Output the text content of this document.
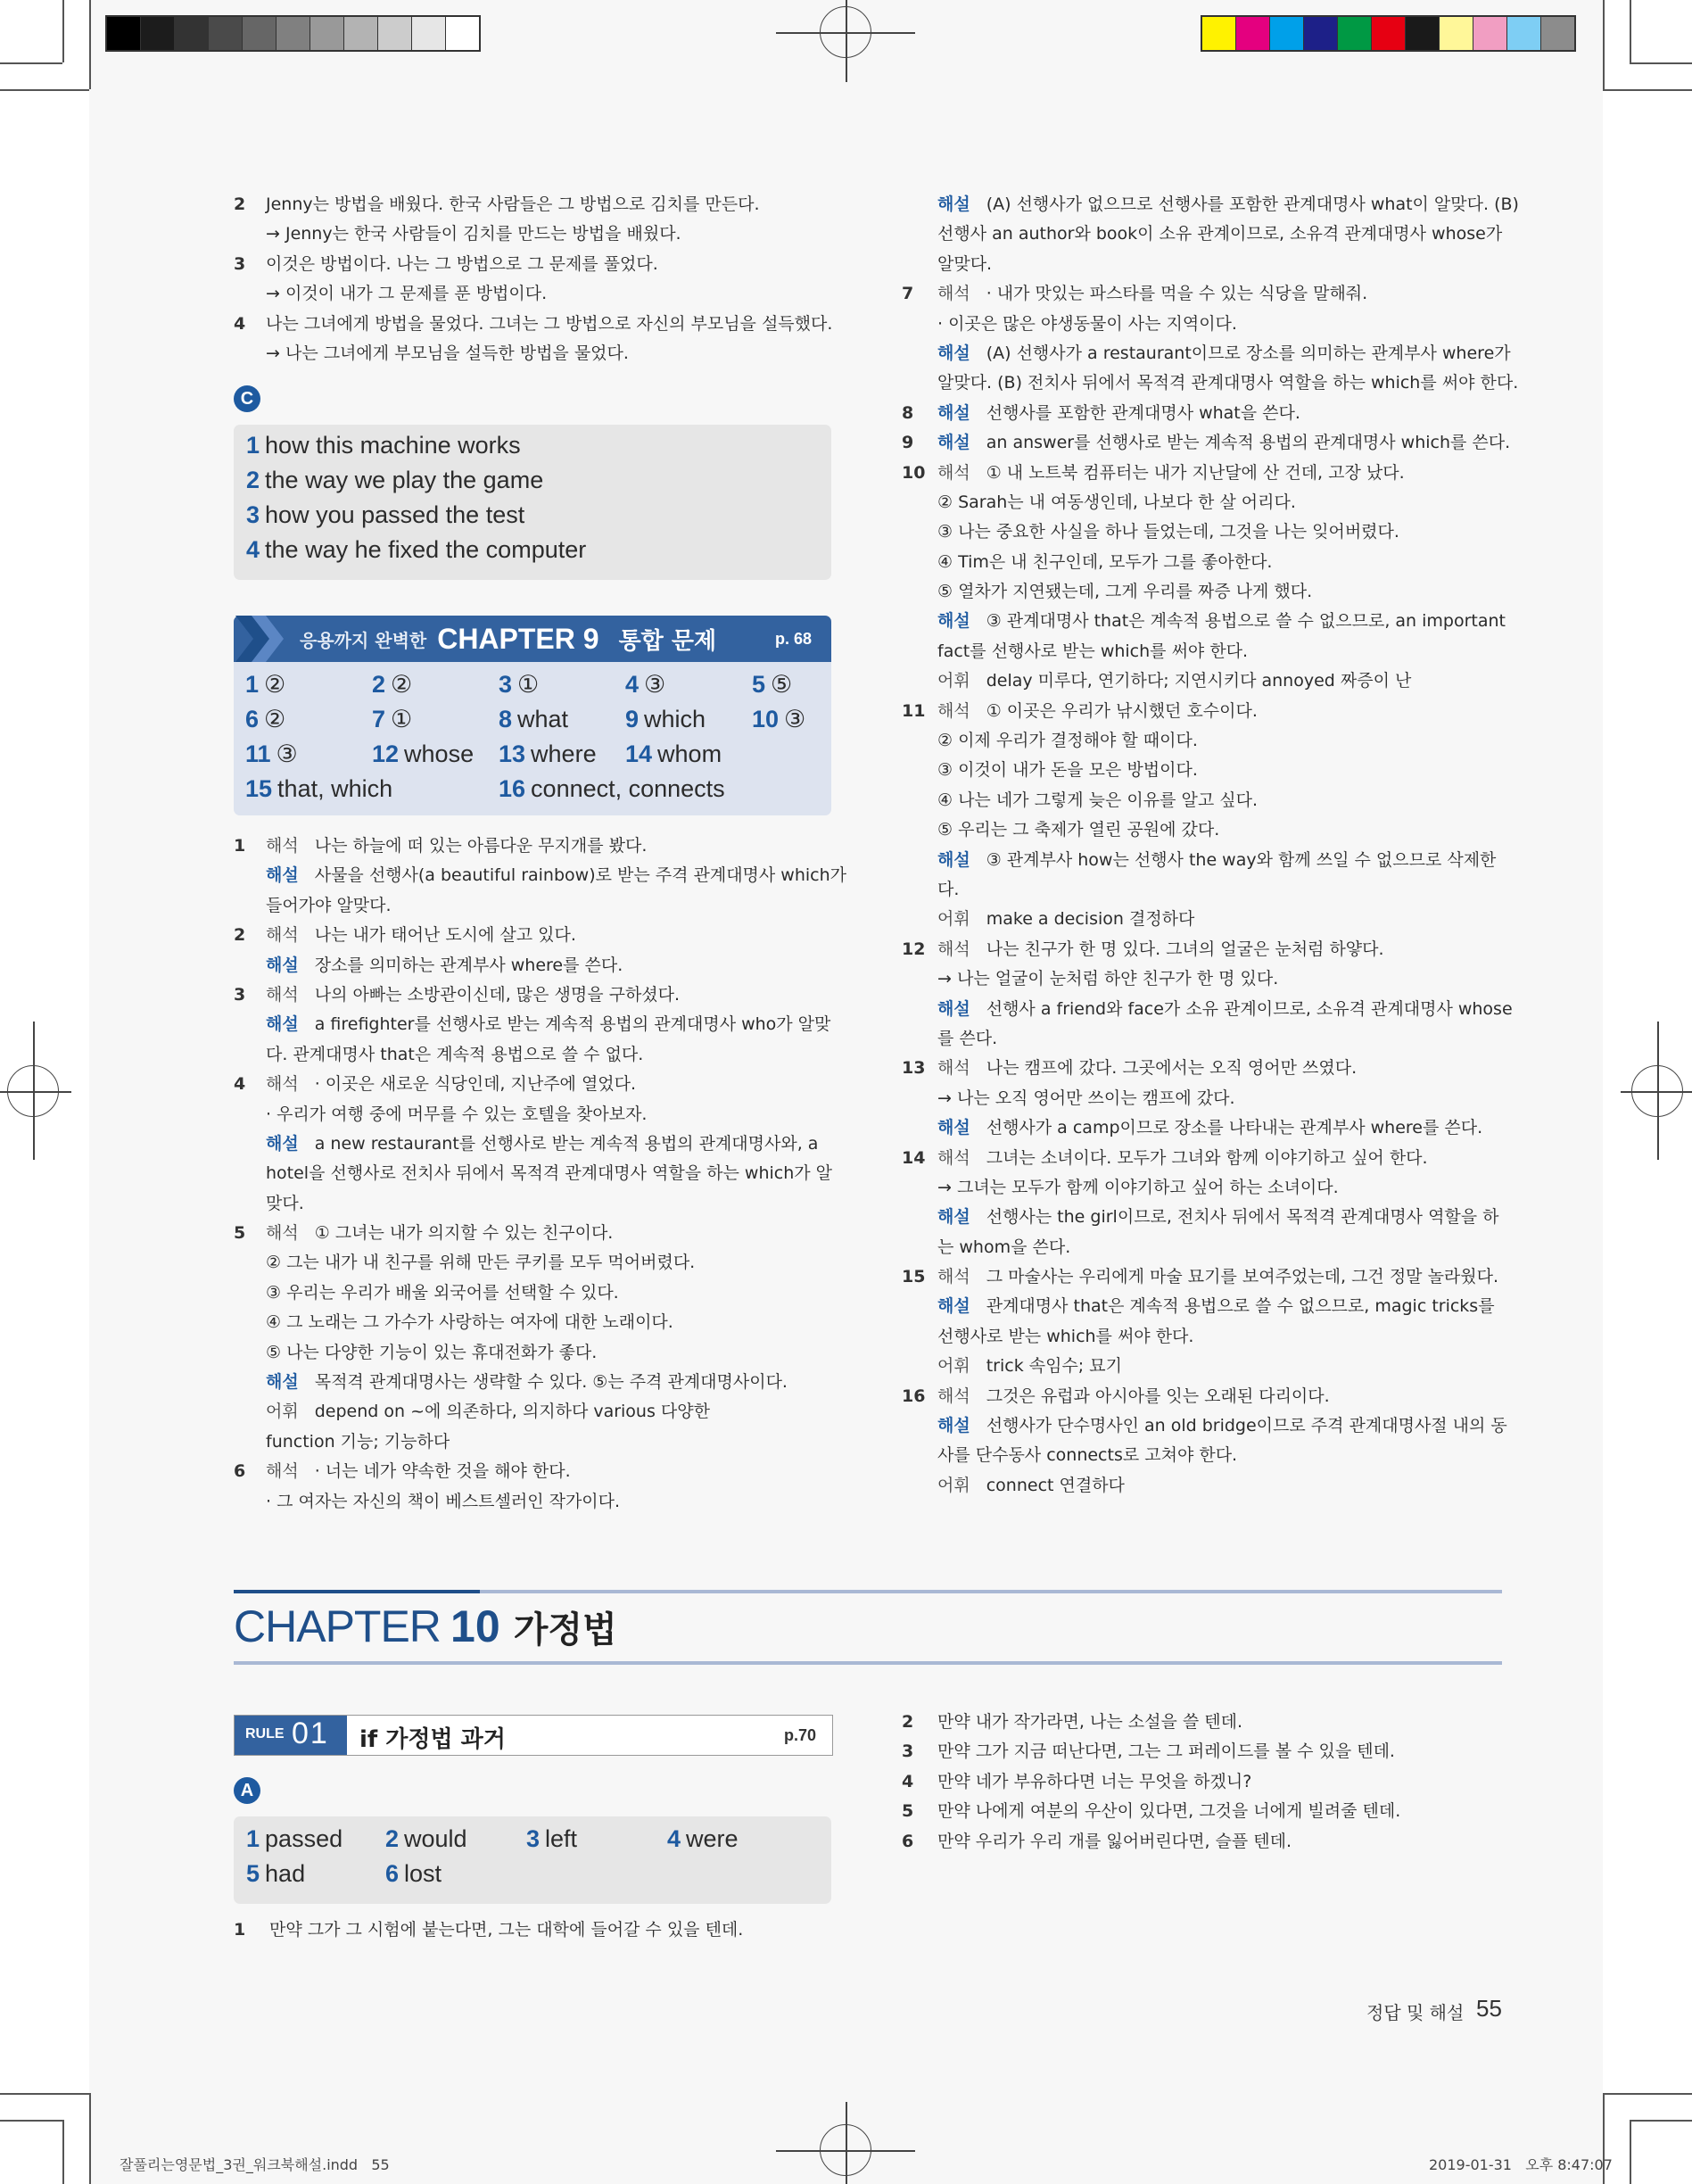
2	Jenny는 방법을 배웠다. 한국 사람들은 그 방법으로 김치를 만든다.
→ Jenny는 한국 사람들이 김치를 만드는 방법을 배웠다.
3	이것은 방법이다. 나는 그 방법으로 그 문제를 풀었다.
→ 이것이 내가 그 문제를 푼 방법이다.
4	나는 그녀에게 방법을 물었다. 그녀는 그 방법으로 자신의 부모님을 설득했다.
→ 나는 그녀에게 부모님을 설득한 방법을 물었다.
C
1 how this machine works
2 the way we play the game
3 how you passed the test
4 the way he fixed the computer
응용까지 완벽한 CHAPTER 9 통합 문제	p. 68
1 ②	2 ②	3 ①	4 ③	5 ⑤
6 ②	7 ①	8 what 9 which 10 ③
11 ③	12 whose 13 where 14 whom
15 that, which	16 connect, connects
1	해석 나는 하늘에 떠 있는 아름다운 무지개를 봤다.
해설 사물을 선행사(a beautiful rainbow)로 받는 주격 관계대명사 which가
들어가야 알맞다.
2	해석 나는 내가 태어난 도시에 살고 있다.
해설 장소를 의미하는 관계부사 where를 쓴다.
3	해석 나의 아빠는 소방관이신데, 많은 생명을 구하셨다.
해설 a firefighter를 선행사로 받는 계속적 용법의 관계대명사 who가 알맞
다. 관계대명사 that은 계속적 용법으로 쓸 수 없다.
4	해석 · 이곳은 새로운 식당인데, 지난주에 열었다.
· 우리가 여행 중에 머무를 수 있는 호텔을 찾아보자.
해설 a new restaurant를 선행사로 받는 계속적 용법의 관계대명사와, a
hotel을 선행사로 전치사 뒤에서 목적격 관계대명사 역할을 하는 which가 알
맞다.
5	해석 ① 그녀는 내가 의지할 수 있는 친구이다.
② 그는 내가 내 친구를 위해 만든 쿠키를 모두 먹어버렸다.
③ 우리는 우리가 배울 외국어를 선택할 수 있다.
④ 그 노래는 그 가수가 사랑하는 여자에 대한 노래이다.
⑤ 나는 다양한 기능이 있는 휴대전화가 좋다.
해설 목적격 관계대명사는 생략할 수 있다. ⑤는 주격 관계대명사이다.
어휘 depend on ~에 의존하다, 의지하다 various 다양한
function 기능; 기능하다
6	해석 · 너는 네가 약속한 것을 해야 한다.
· 그 여자는 자신의 책이 베스트셀러인 작가이다.
해설 (A) 선행사가 없으므로 선행사를 포함한 관계대명사 what이 알맞다. (B)
선행사 an author와 book이 소유 관계이므로, 소유격 관계대명사 whose가
알맞다.
7	해석 · 내가 맛있는 파스타를 먹을 수 있는 식당을 말해줘.
· 이곳은 많은 야생동물이 사는 지역이다.
해설 (A) 선행사가 a restaurant이므로 장소를 의미하는 관계부사 where가
알맞다. (B) 전치사 뒤에서 목적격 관계대명사 역할을 하는 which를 써야 한다.
8	해설 선행사를 포함한 관계대명사 what을 쓴다.
9	해설 an answer를 선행사로 받는 계속적 용법의 관계대명사 which를 쓴다.
10 해석 ① 내 노트북 컴퓨터는 내가 지난달에 산 건데, 고장 났다.
② Sarah는 내 여동생인데, 나보다 한 살 어리다.
③ 나는 중요한 사실을 하나 들었는데, 그것을 나는 잊어버렸다.
④ Tim은 내 친구인데, 모두가 그를 좋아한다.
⑤ 열차가 지연됐는데, 그게 우리를 짜증 나게 했다.
해설 ③ 관계대명사 that은 계속적 용법으로 쓸 수 없으므로, an important
fact를 선행사로 받는 which를 써야 한다.
어휘 delay 미루다, 연기하다; 지연시키다 annoyed 짜증이 난
11 해석 ① 이곳은 우리가 낚시했던 호수이다.
② 이제 우리가 결정해야 할 때이다.
③ 이것이 내가 돈을 모은 방법이다.
④ 나는 네가 그렇게 늦은 이유를 알고 싶다.
⑤ 우리는 그 축제가 열린 공원에 갔다.
해설 ③ 관계부사 how는 선행사 the way와 함께 쓰일 수 없으므로 삭제한
다.
어휘 make a decision 결정하다
12 해석 나는 친구가 한 명 있다. 그녀의 얼굴은 눈처럼 하얗다.
→ 나는 얼굴이 눈처럼 하얀 친구가 한 명 있다.
해설 선행사 a friend와 face가 소유 관계이므로, 소유격 관계대명사 whose
를 쓴다.
13 해석 나는 캠프에 갔다. 그곳에서는 오직 영어만 쓰였다.
→ 나는 오직 영어만 쓰이는 캠프에 갔다.
해설 선행사가 a camp이므로 장소를 나타내는 관계부사 where를 쓴다.
14 해석 그녀는 소녀이다. 모두가 그녀와 함께 이야기하고 싶어 한다.
→ 그녀는 모두가 함께 이야기하고 싶어 하는 소녀이다.
해설 선행사는 the girl이므로, 전치사 뒤에서 목적격 관계대명사 역할을 하
는 whom을 쓴다.
15 해석 그 마술사는 우리에게 마술 묘기를 보여주었는데, 그건 정말 놀라웠다.
해설 관계대명사 that은 계속적 용법으로 쓸 수 없으므로, magic tricks를
선행사로 받는 which를 써야 한다.
어휘 trick 속임수; 묘기
16 해석 그것은 유럽과 아시아를 잇는 오래된 다리이다.
해설 선행사가 단수명사인 an old bridge이므로 주격 관계대명사절 내의 동
사를 단수동사 connects로 고쳐야 한다.
어휘 connect 연결하다
CHAPTER 10 가정법
RULE 01 if 가정법 과거	p.70
A
1 passed 2 would 3 left	4 were
5 had	6 lost
1	만약 그가 그 시험에 붙는다면, 그는 대학에 들어갈 수 있을 텐데.
2	만약 내가 작가라면, 나는 소설을 쓸 텐데.
3	만약 그가 지금 떠난다면, 그는 그 퍼레이드를 볼 수 있을 텐데.
4	만약 네가 부유하다면 너는 무엇을 하겠니?
5	만약 나에게 여분의 우산이 있다면, 그것을 너에게 빌려줄 텐데.
6	만약 우리가 우리 개를 잃어버린다면, 슬플 텐데.
정답 및 해설 55
잘풀리는영문법_3권_워크북해설.indd   55	2019-01-31   오후 8:47:07
